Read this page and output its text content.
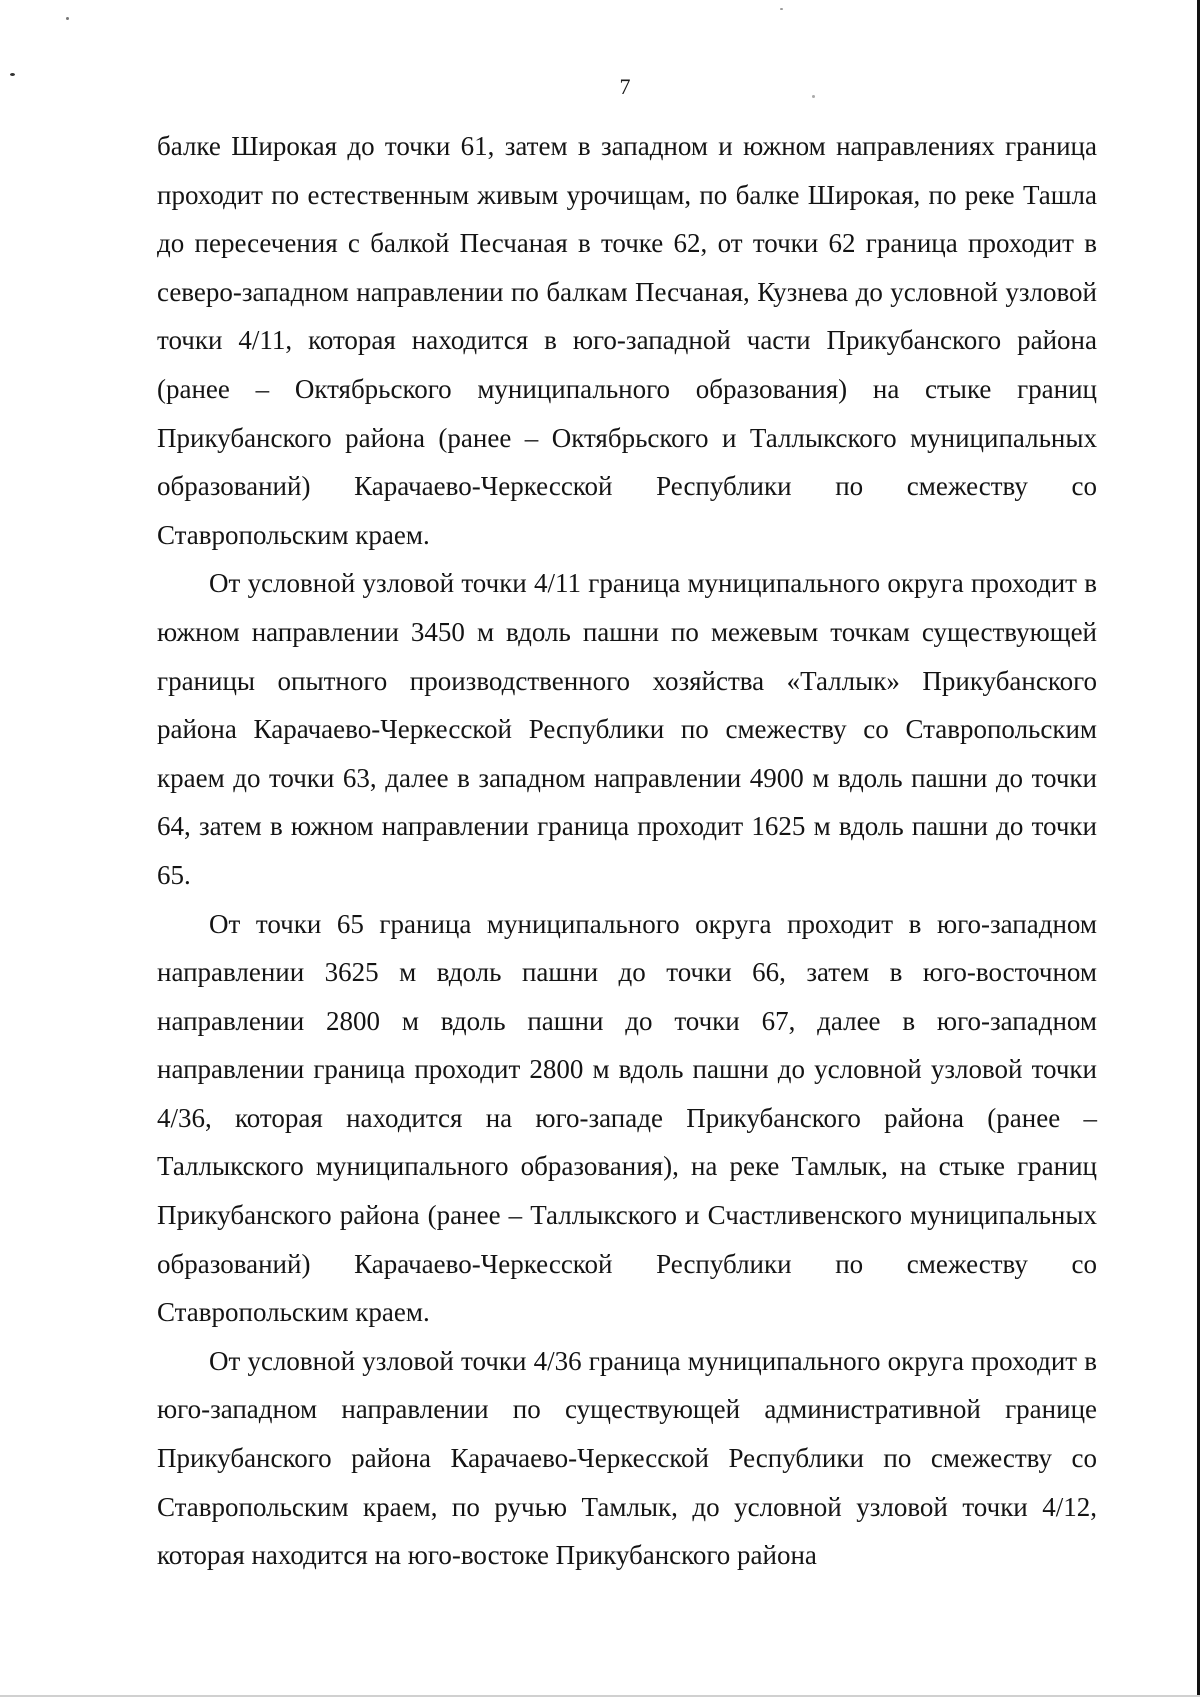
7

балке Широкая до точки 61, затем в западном и южном направлениях граница проходит по естественным живым урочищам, по балке Широкая, по реке Ташла до пересечения с балкой Песчаная в точке 62, от точки 62 граница проходит в северо-западном направлении по балкам Песчаная, Кузнева до условной узловой точки 4/11, которая находится в юго-западной части Прикубанского района (ранее – Октябрьского муниципального образования) на стыке границ Прикубанского района (ранее – Октябрьского и Таллыкского муниципальных образований) Карачаево-Черкесской Республики по смежеству со Ставропольским краем.

От условной узловой точки 4/11 граница муниципального округа проходит в южном направлении 3450 м вдоль пашни по межевым точкам существующей границы опытного производственного хозяйства «Таллык» Прикубанского района Карачаево-Черкесской Республики по смежеству со Ставропольским краем до точки 63, далее в западном направлении 4900 м вдоль пашни до точки 64, затем в южном направлении граница проходит 1625 м вдоль пашни до точки 65.

От точки 65 граница муниципального округа проходит в юго-западном направлении 3625 м вдоль пашни до точки 66, затем в юго-восточном направлении 2800 м вдоль пашни до точки 67, далее в юго-западном направлении граница проходит 2800 м вдоль пашни до условной узловой точки 4/36, которая находится на юго-западе Прикубанского района (ранее – Таллыкского муниципального образования), на реке Тамлык, на стыке границ Прикубанского района (ранее – Таллыкского и Счастливенского муниципальных образований) Карачаево-Черкесской Республики по смежеству со Ставропольским краем.

От условной узловой точки 4/36 граница муниципального округа проходит в юго-западном направлении по существующей административной границе Прикубанского района Карачаево-Черкесской Республики по смежеству со Ставропольским краем, по ручью Тамлык, до условной узловой точки 4/12, которая находится на юго-востоке Прикубанского района
